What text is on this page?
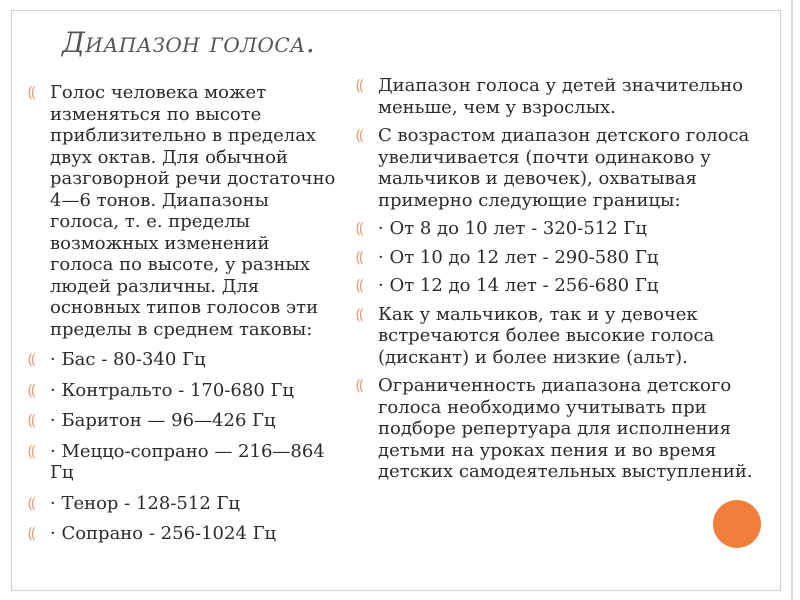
Диапазон голоса.
⸨ Голос человека может изменяться по высоте приблизительно в пределах двух октав. Для обычной разговорной речи достаточно 4—6 тонов. Диапазоны голоса, т. е. пределы возможных изменений голоса по высоте, у разных людей различны. Для основных типов голосов эти пределы в среднем таковы:
⸨ · Бас - 80-340 Гц
⸨ · Контральто - 170-680 Гц
⸨ · Баритон — 96—426 Гц
⸨ · Меццо-сопрано — 216—864 Гц
⸨ · Тенор - 128-512 Гц
⸨ · Сопрано - 256-1024 Гц
⸨ Диапазон голоса у детей значительно меньше, чем у взрослых.
⸨ С возрастом диапазон детского голоса увеличивается (почти одинаково у мальчиков и девочек), охватывая примерно следующие границы:
⸨ · От 8 до 10 лет - 320-512 Гц
⸨ · От 10 до 12 лет - 290-580 Гц
⸨ · От 12 до 14 лет - 256-680 Гц
⸨ Как у мальчиков, так и у девочек встречаются более высокие голоса (дискант) и более низкие (альт).
⸨ Ограниченность диапазона детского голоса необходимо учитывать при подборе репертуара для исполнения детьми на уроках пения и во время детских самодеятельных выступлений.
